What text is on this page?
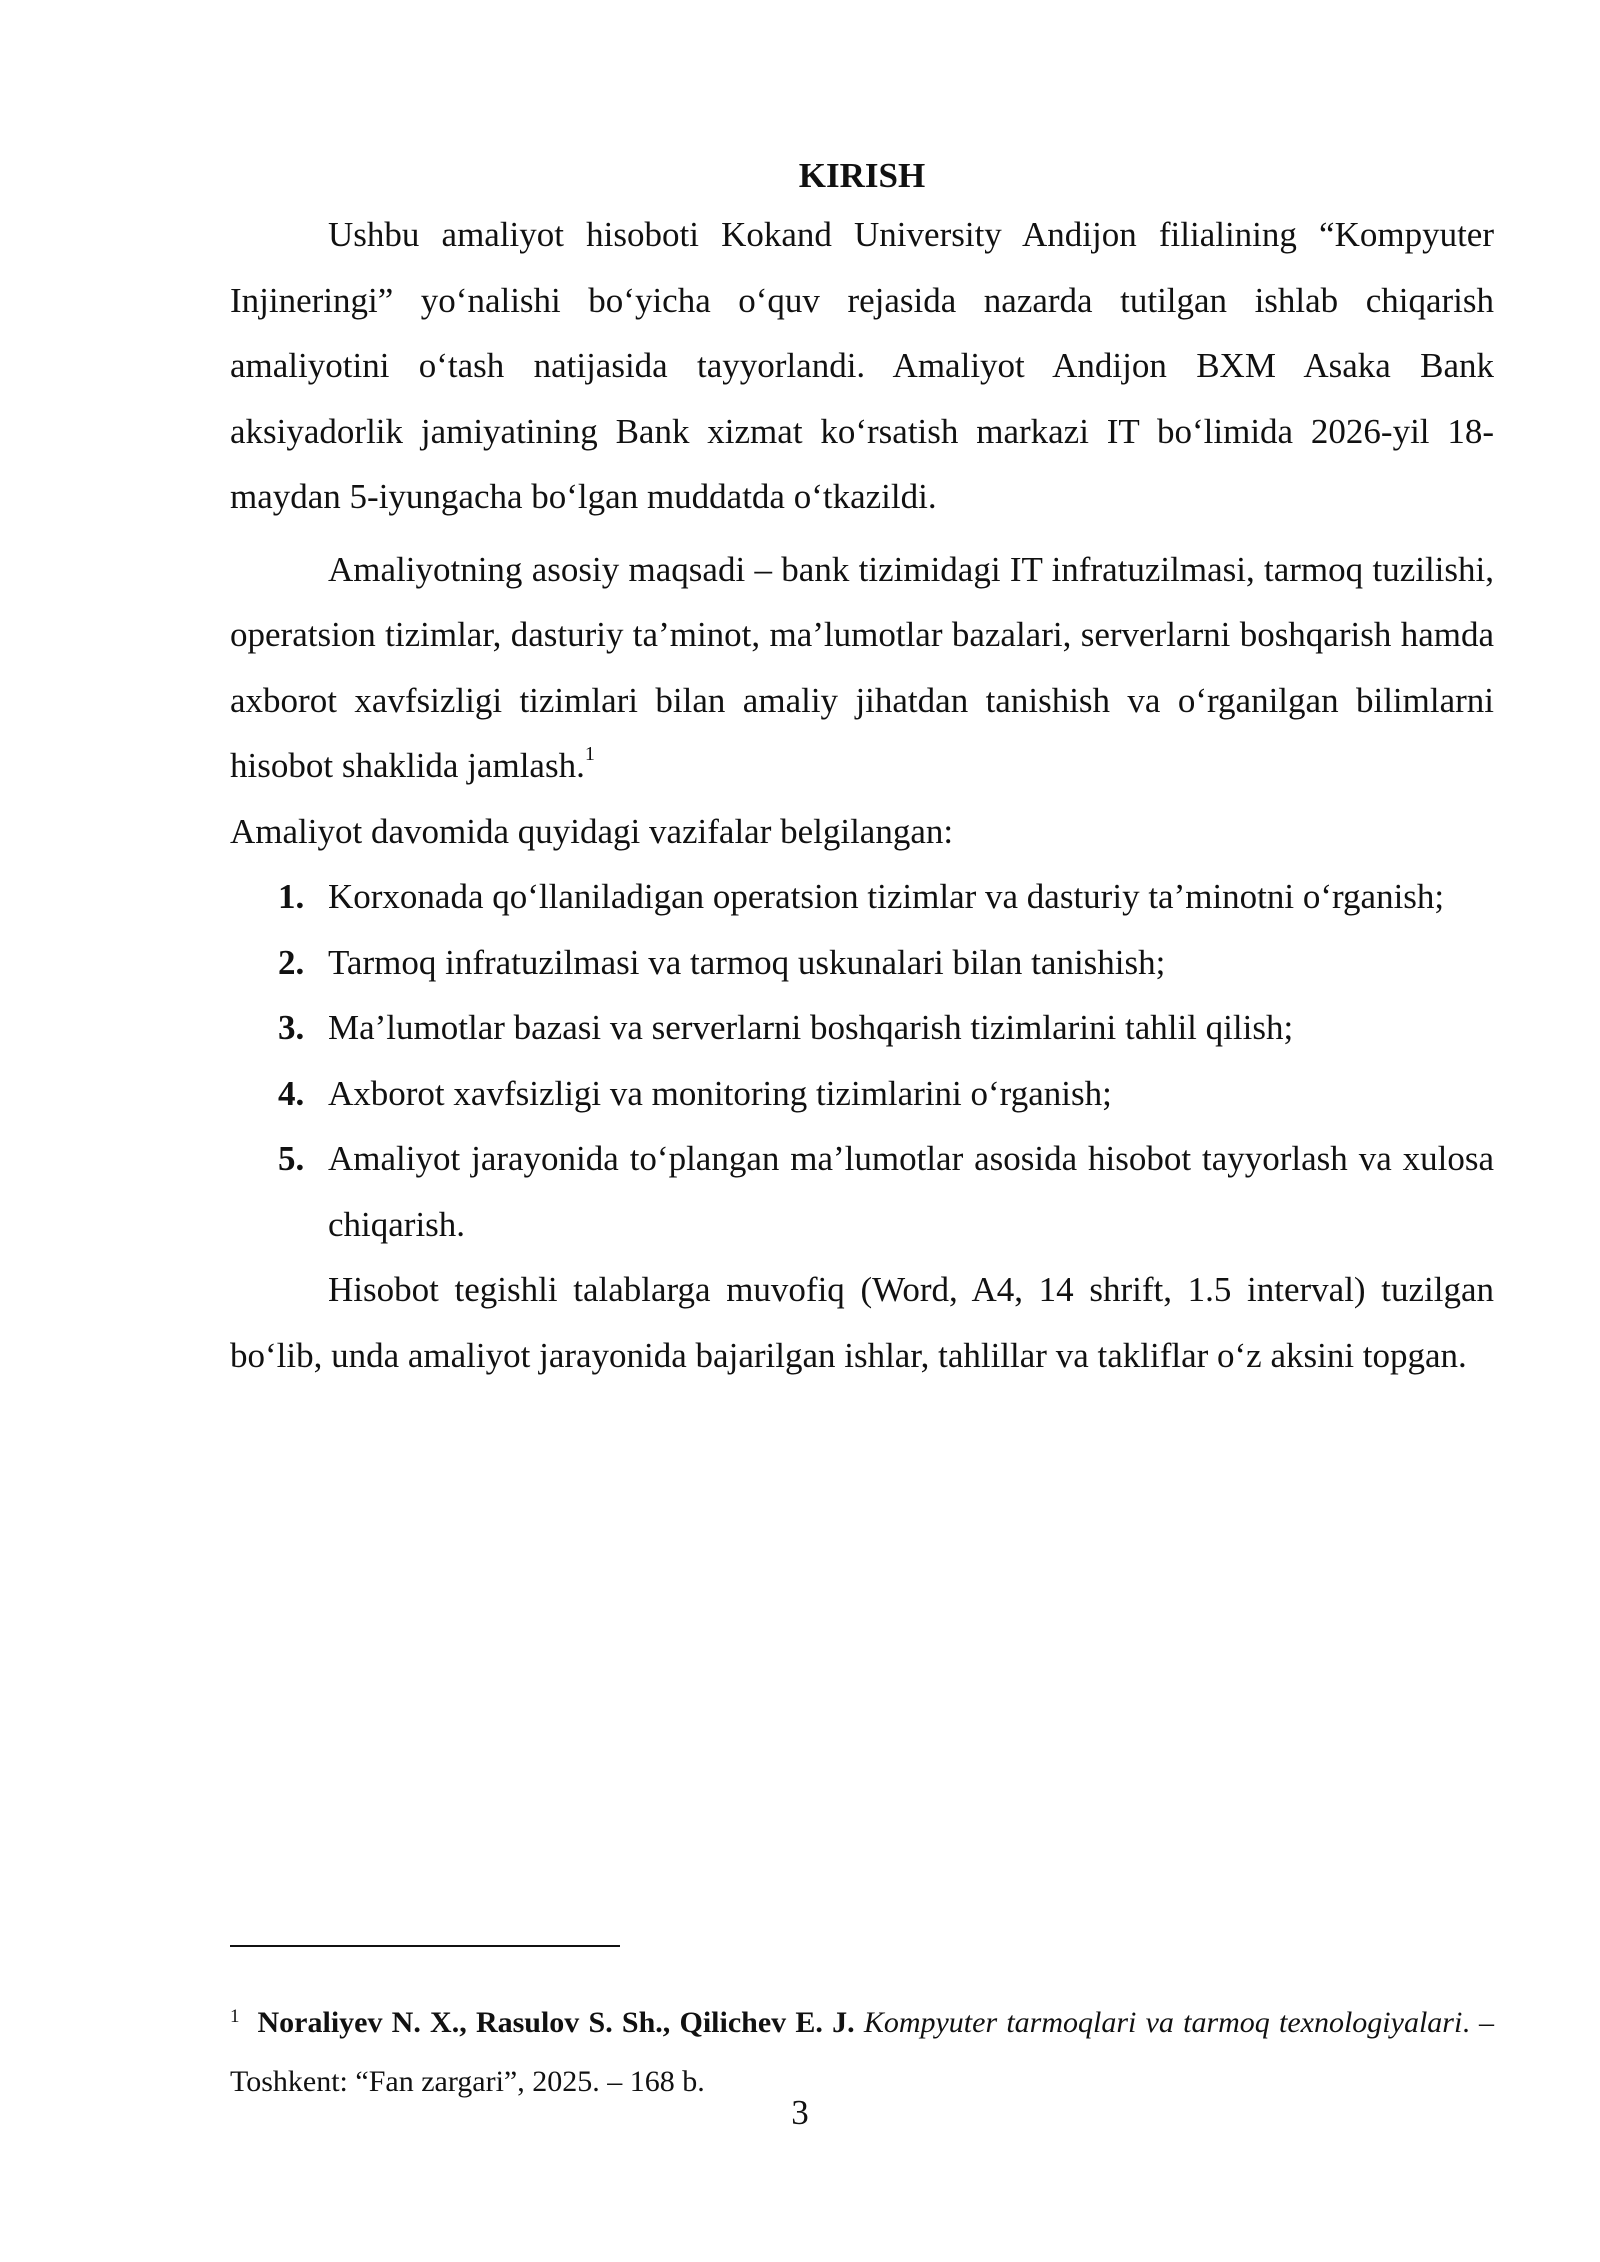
KIRISH

Ushbu amaliyot hisoboti Kokand University Andijon filialining “Kompyuter Injineringi” yo‘nalishi bo‘yicha o‘quv rejasida nazarda tutilgan ishlab chiqarish amaliyotini o‘tash natijasida tayyorlandi. Amaliyot Andijon BXM Asaka Bank aksiyadorlik jamiyatining Bank xizmat ko‘rsatish markazi IT bo‘limida 2026-yil 18-maydan 5-iyungacha bo‘lgan muddatda o‘tkazildi.

Amaliyotning asosiy maqsadi – bank tizimidagi IT infratuzilmasi, tarmoq tuzilishi, operatsion tizimlar, dasturiy ta’minot, ma’lumotlar bazalari, serverlarni boshqarish hamda axborot xavfsizligi tizimlari bilan amaliy jihatdan tanishish va o‘rganilgan bilimlarni hisobot shaklida jamlash.$^1$

Amaliyot davomida quyidagi vazifalar belgilangan:

1. Korxonada qo‘llaniladigan operatsion tizimlar va dasturiy ta’minotni o‘rganish;
2. Tarmoq infratuzilmasi va tarmoq uskunalari bilan tanishish;
3. Ma’lumotlar bazasi va serverlarni boshqarish tizimlarini tahlil qilish;
4. Axborot xavfsizligi va monitoring tizimlarini o‘rganish;
5. Amaliyot jarayonida to‘plangan ma’lumotlar asosida hisobot tayyorlash va xulosa chiqarish.

Hisobot tegishli talablarga muvofiq (Word, A4, 14 shrift, 1.5 interval) tuzilgan bo‘lib, unda amaliyot jarayonida bajarilgan ishlar, tahlillar va takliflar o‘z aksini topgan.

$^1$ Noraliyev N. X., Rasulov S. Sh., Qilichev E. J. Kompyuter tarmoqlari va tarmoq texnologiyalari. – Toshkent: “Fan zargari”, 2025. – 168 b.
3
